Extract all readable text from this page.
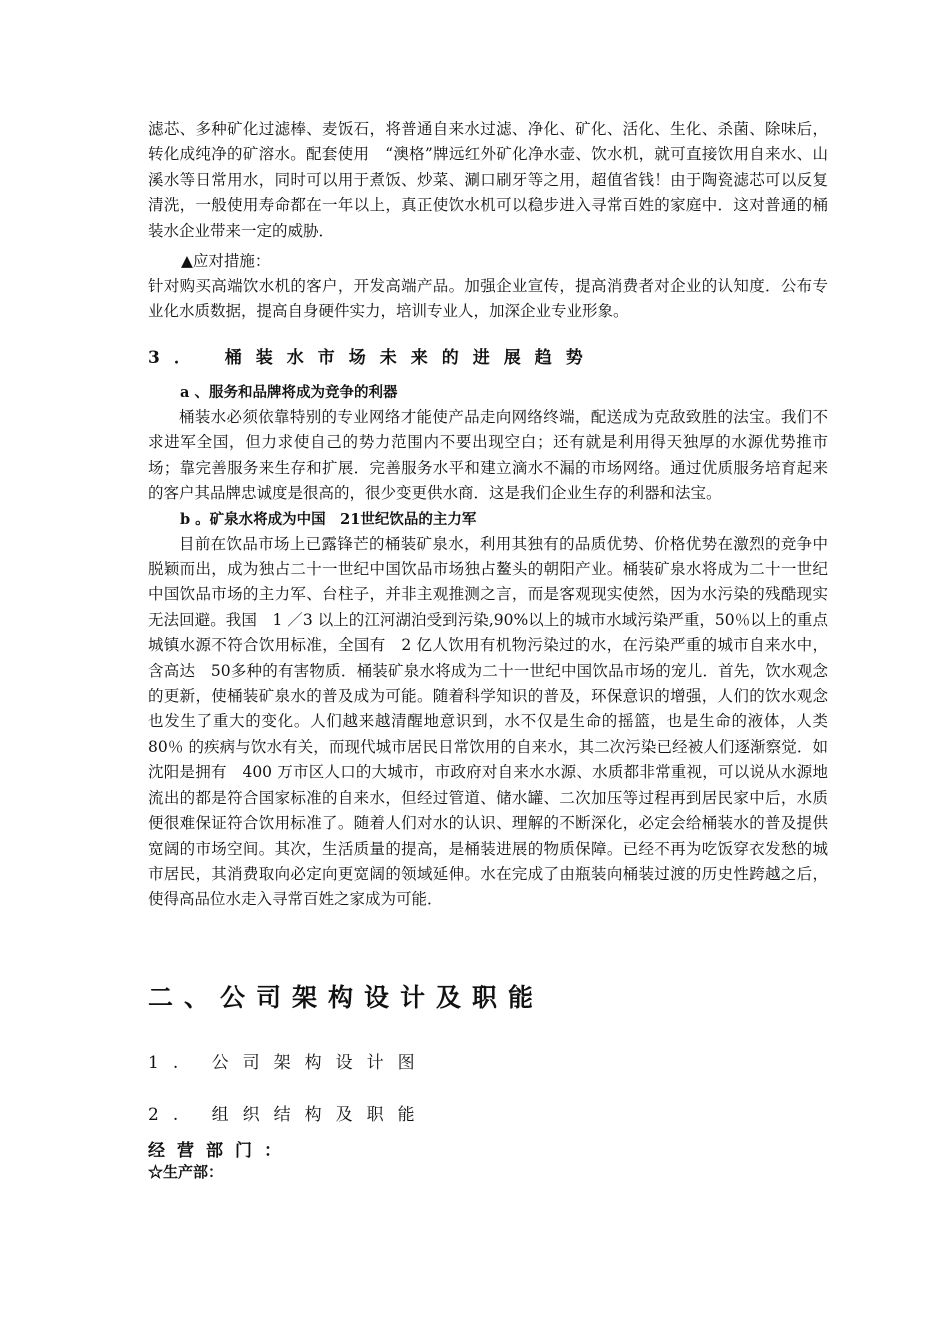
滤芯、多种矿化过滤棒、麦饭石，将普通自来水过滤、净化、矿化、活化、生化、杀菌、除味后，转化成纯净的矿溶水。配套使用　“澳格”牌远红外矿化净水壶、饮水机，就可直接饮用自来水、山溪水等日常用水，同时可以用于煮饭、炒菜、涮口刷牙等之用，超值省钱！由于陶瓷滤芯可以反复清洗，一般使用寿命都在一年以上，真正使饮水机可以稳步进入寻常百姓的家庭中．这对普通的桶装水企业带来一定的威胁．

▲应对措施：

针对购买高端饮水机的客户，开发高端产品。加强企业宣传，提高消费者对企业的认知度．公布专业化水质数据，提高自身硬件实力，培训专业人，加深企业专业形象。

3． 桶装水市场未来的进展趋势

a 、服务和品牌将成为竞争的利器

桶装水必须依靠特别的专业网络才能使产品走向网络终端，配送成为克敌致胜的法宝。我们不求进军全国，但力求使自己的势力范围内不要出现空白；还有就是利用得天独厚的水源优势推市场；靠完善服务来生存和扩展．完善服务水平和建立滴水不漏的市场网络。通过优质服务培育起来的客户其品牌忠诚度是很高的，很少变更供水商．这是我们企业生存的利器和法宝。

b 。矿泉水将成为中国　21世纪饮品的主力军

目前在饮品市场上已露锋芒的桶装矿泉水，利用其独有的品质优势、价格优势在激烈的竞争中脱颖而出，成为独占二十一世纪中国饮品市场独占鳌头的朝阳产业。桶装矿泉水将成为二十一世纪中国饮品市场的主力军、台柱子，并非主观推测之言，而是客观现实使然，因为水污染的残酷现实无法回避。我国　1 ／3 以上的江河湖泊受到污染,90%以上的城市水域污染严重，50％以上的重点城镇水源不符合饮用标准，全国有　2 亿人饮用有机物污染过的水，在污染严重的城市自来水中，含高达　50多种的有害物质．桶装矿泉水将成为二十一世纪中国饮品市场的宠儿．首先，饮水观念的更新，使桶装矿泉水的普及成为可能。随着科学知识的普及，环保意识的增强，人们的饮水观念也发生了重大的变化。人们越来越清醒地意识到，水不仅是生命的摇篮，也是生命的液体，人类　80％ 的疾病与饮水有关，而现代城市居民日常饮用的自来水，其二次污染已经被人们逐渐察觉．如沈阳是拥有　400 万市区人口的大城市，市政府对自来水水源、水质都非常重视，可以说从水源地流出的都是符合国家标准的自来水，但经过管道、储水罐、二次加压等过程再到居民家中后，水质便很难保证符合饮用标准了。随着人们对水的认识、理解的不断深化，必定会给桶装水的普及提供宽阔的市场空间。其次，生活质量的提高，是桶装进展的物质保障。已经不再为吃饭穿衣发愁的城市居民，其消费取向必定向更宽阔的领域延伸。水在完成了由瓶装向桶装过渡的历史性跨越之后，使得高品位水走入寻常百姓之家成为可能．

二、公司架构设计及职能
1. 公司架构设计图
2. 组织结构及职能
经营部门：
☆生产部：
